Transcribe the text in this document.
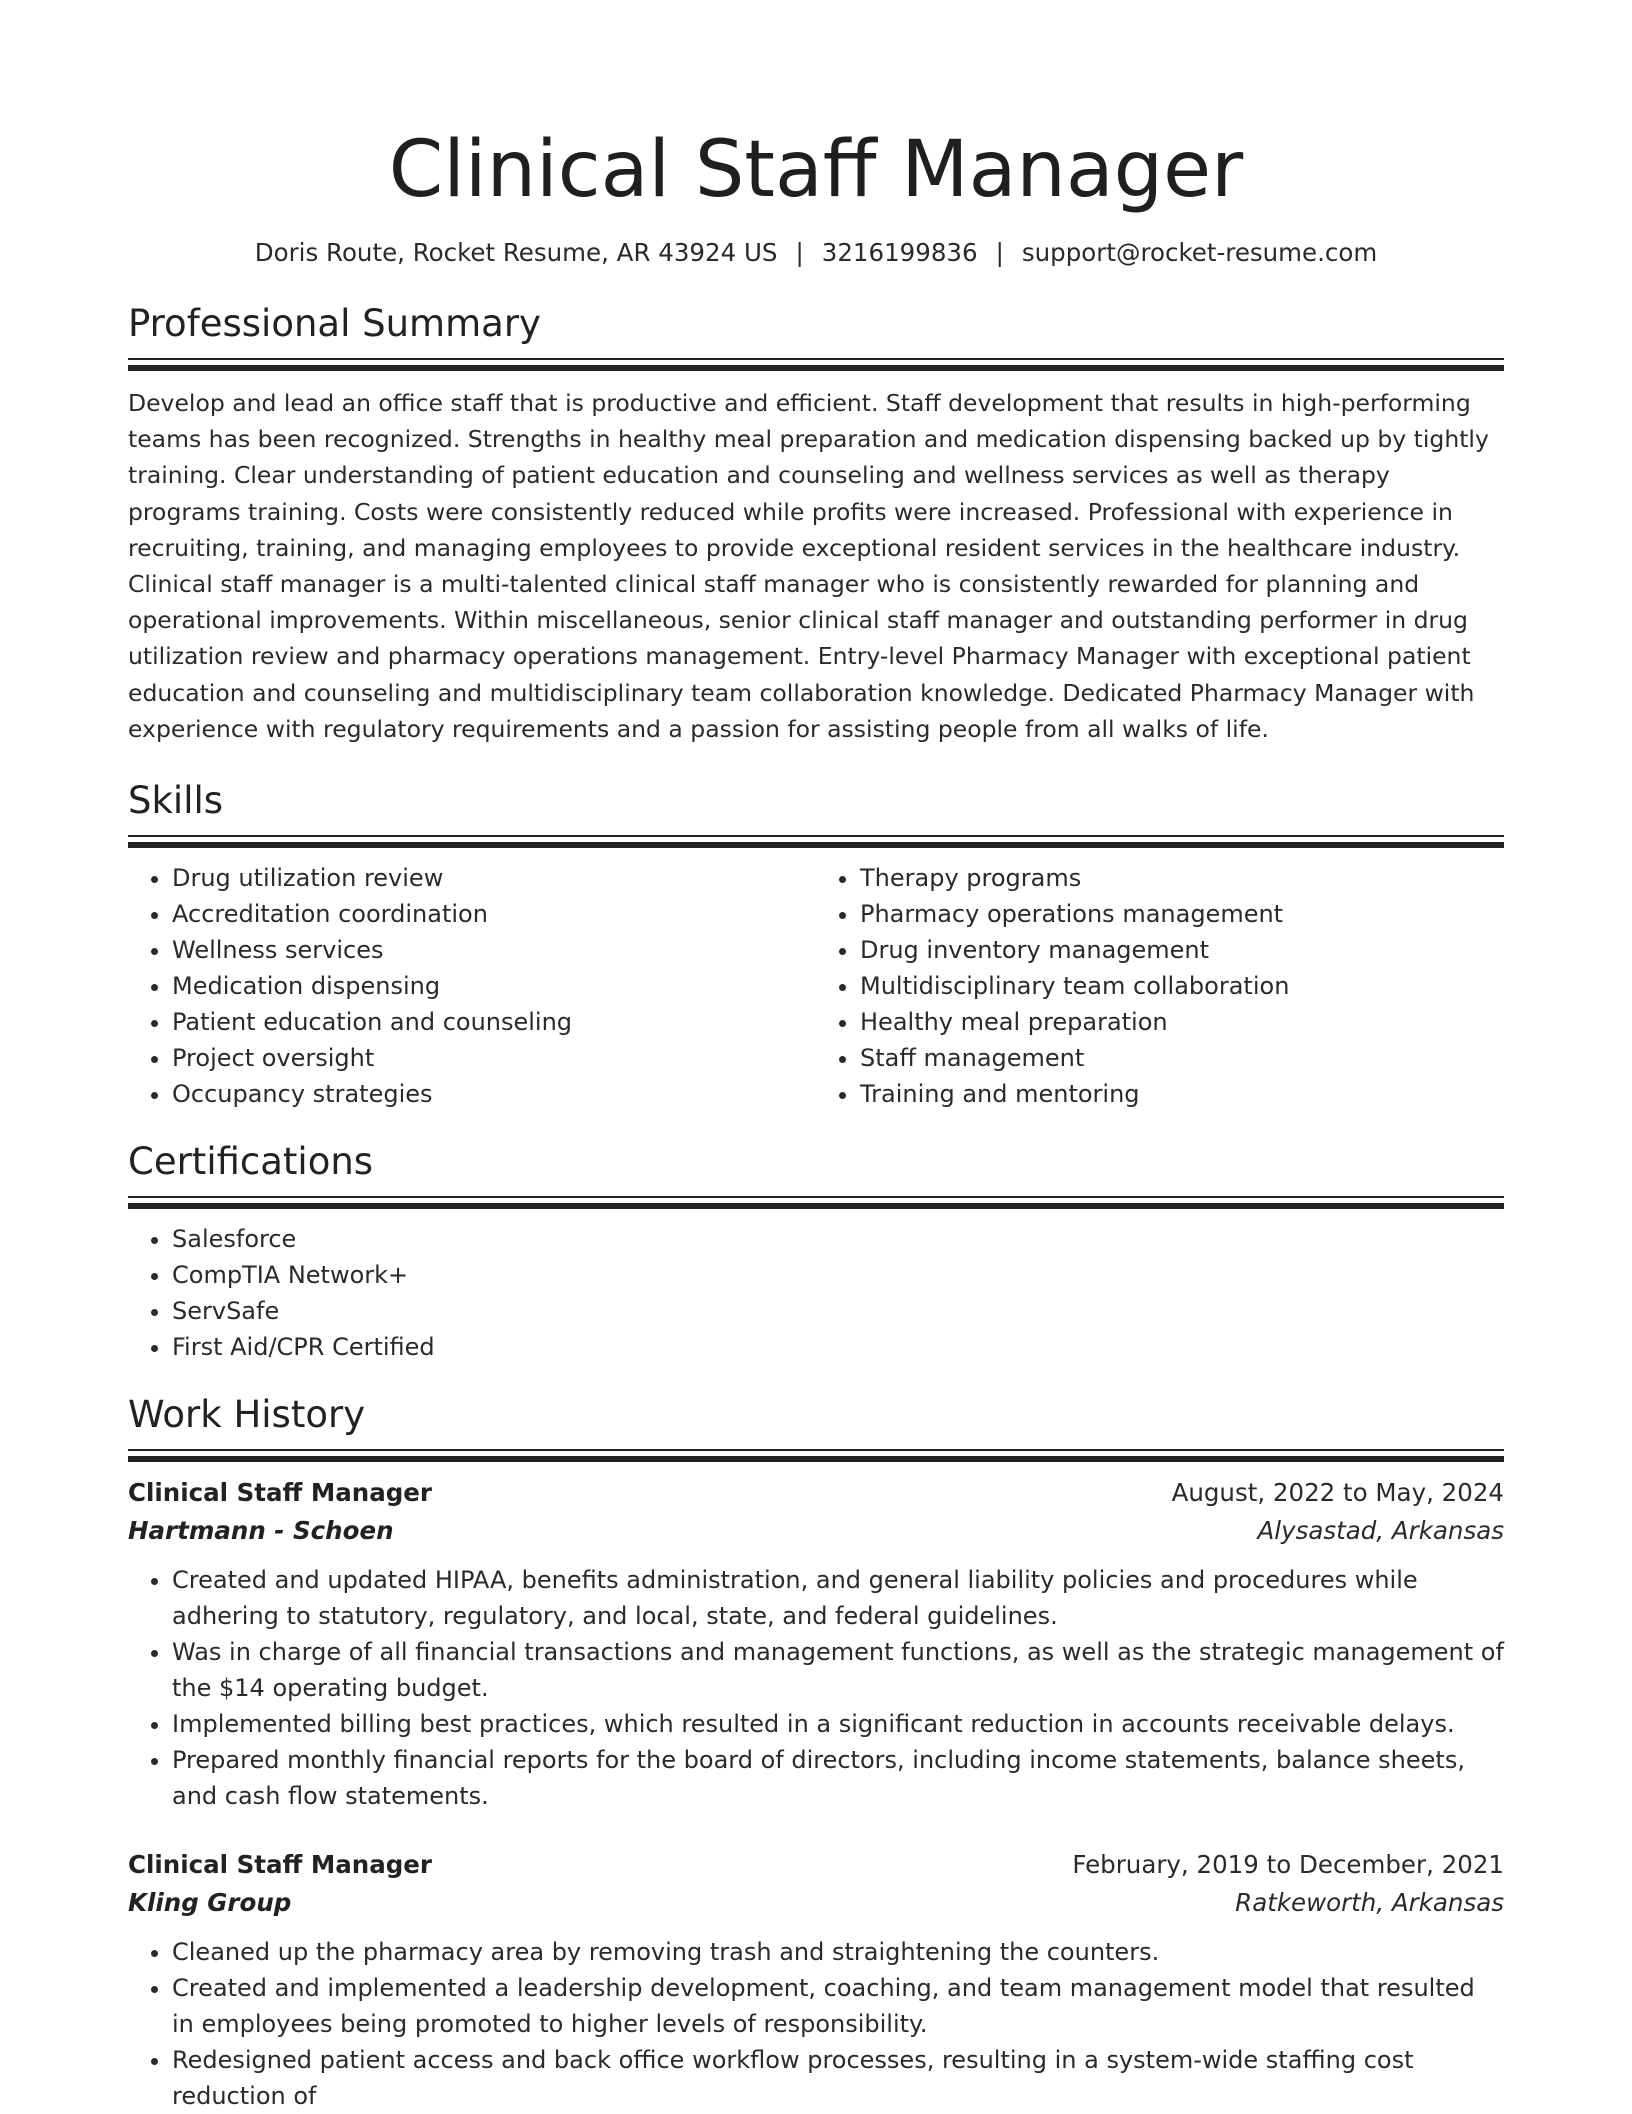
Clinical Staff Manager
Doris Route, Rocket Resume, AR 43924 US | 3216199836 | support@rocket-resume.com
Professional Summary

Develop and lead an office staff that is productive and efficient. Staff development that results in high-performing teams has been recognized. Strengths in healthy meal preparation and medication dispensing backed up by tightly training. Clear understanding of patient education and counseling and wellness services as well as therapy programs training. Costs were consistently reduced while profits were increased. Professional with experience in recruiting, training, and managing employees to provide exceptional resident services in the healthcare industry. Clinical staff manager is a multi-talented clinical staff manager who is consistently rewarded for planning and operational improvements. Within miscellaneous, senior clinical staff manager and outstanding performer in drug utilization review and pharmacy operations management. Entry-level Pharmacy Manager with exceptional patient education and counseling and multidisciplinary team collaboration knowledge. Dedicated Pharmacy Manager with experience with regulatory requirements and a passion for assisting people from all walks of life.

Skills
• Drug utilization review
• Accreditation coordination
• Wellness services
• Medication dispensing
• Patient education and counseling
• Project oversight
• Occupancy strategies
• Therapy programs
• Pharmacy operations management
• Drug inventory management
• Multidisciplinary team collaboration
• Healthy meal preparation
• Staff management
• Training and mentoring
Certifications
• Salesforce
• CompTIA Network+
• ServSafe
• First Aid/CPR Certified
Work History
Clinical Staff Manager	August, 2022 to May, 2024
Hartmann - Schoen	Alysastad, Arkansas
• Created and updated HIPAA, benefits administration, and general liability policies and procedures while adhering to statutory, regulatory, and local, state, and federal guidelines.
• Was in charge of all financial transactions and management functions, as well as the strategic management of the $14 operating budget.
• Implemented billing best practices, which resulted in a significant reduction in accounts receivable delays.
• Prepared monthly financial reports for the board of directors, including income statements, balance sheets, and cash flow statements.
Clinical Staff Manager	February, 2019 to December, 2021
Kling Group	Ratkeworth, Arkansas
• Cleaned up the pharmacy area by removing trash and straightening the counters.
• Created and implemented a leadership development, coaching, and team management model that resulted in employees being promoted to higher levels of responsibility.
• Redesigned patient access and back office workflow processes, resulting in a system-wide staffing cost reduction of
